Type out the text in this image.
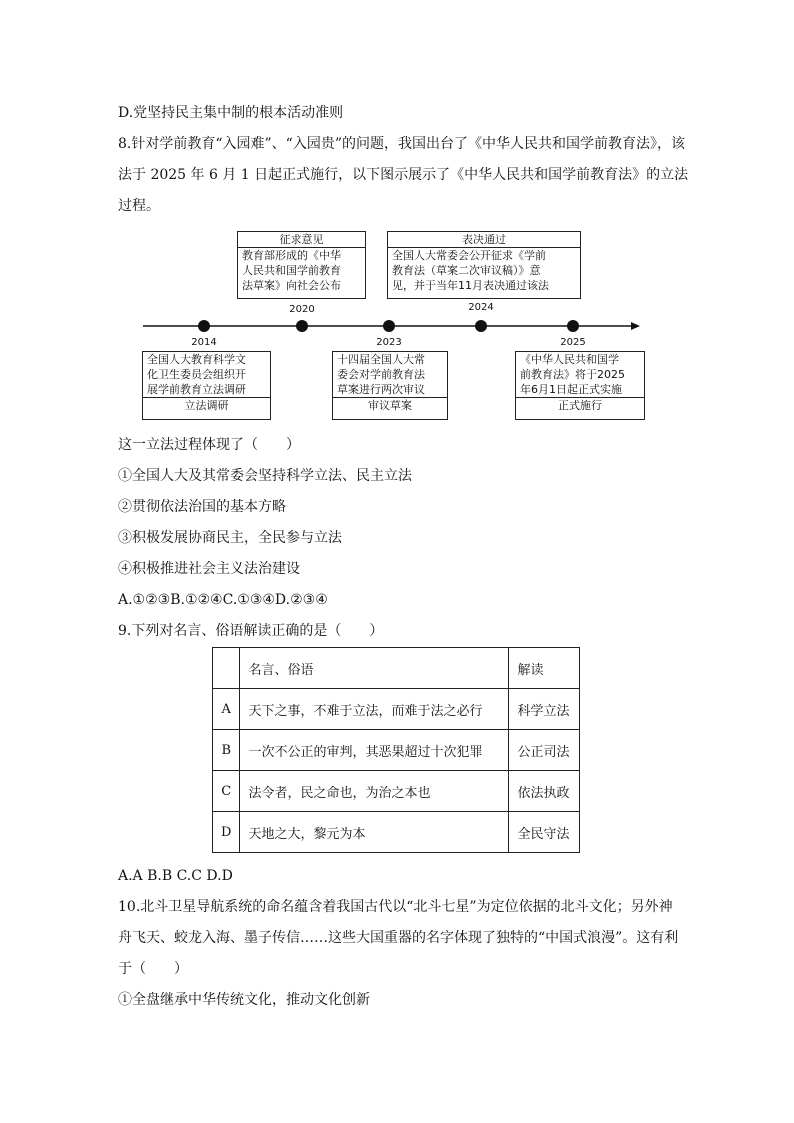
D.党坚持民主集中制的根本活动准则
8.针对学前教育“入园难”、“入园贵”的问题，我国出台了《中华人民共和国学前教育法》，该
法于 2025 年 6 月 1 日起正式施行，以下图示展示了《中华人民共和国学前教育法》的立法
过程。
2014
2020
2023
2024
2025
征求意见
教育部形成的《中华
人民共和国学前教育
法草案》向社会公布
表决通过
全国人大常委会公开征求《学前
教育法（草案二次审议稿）》意
见，并于当年11月表决通过该法
全国人大教育科学文
化卫生委员会组织开
展学前教育立法调研
立法调研
十四届全国人大常
委会对学前教育法
草案进行两次审议
审议草案
《中华人民共和国学
前教育法》将于2025
年6月1日起正式实施
正式施行
这一立法过程体现了（　　）
①全国人大及其常委会坚持科学立法、民主立法
②贯彻依法治国的基本方略
③积极发展协商民主，全民参与立法
④积极推进社会主义法治建设
A.①②③B.①②④C.①③④D.②③④
9.下列对名言、俗语解读正确的是（　　）
	名言、俗语	解读
A	天下之事，不难于立法，而难于法之必行	科学立法
B	一次不公正的审判，其恶果超过十次犯罪	公正司法
C	法令者，民之命也，为治之本也	依法执政
D	天地之大，黎元为本	全民守法
A.A B.B C.C D.D
10.北斗卫星导航系统的命名蕴含着我国古代以“北斗七星”为定位依据的北斗文化；另外神
舟飞天、蛟龙入海、墨子传信……这些大国重器的名字体现了独特的“中国式浪漫”。这有利
于（　　）
①全盘继承中华传统文化，推动文化创新
